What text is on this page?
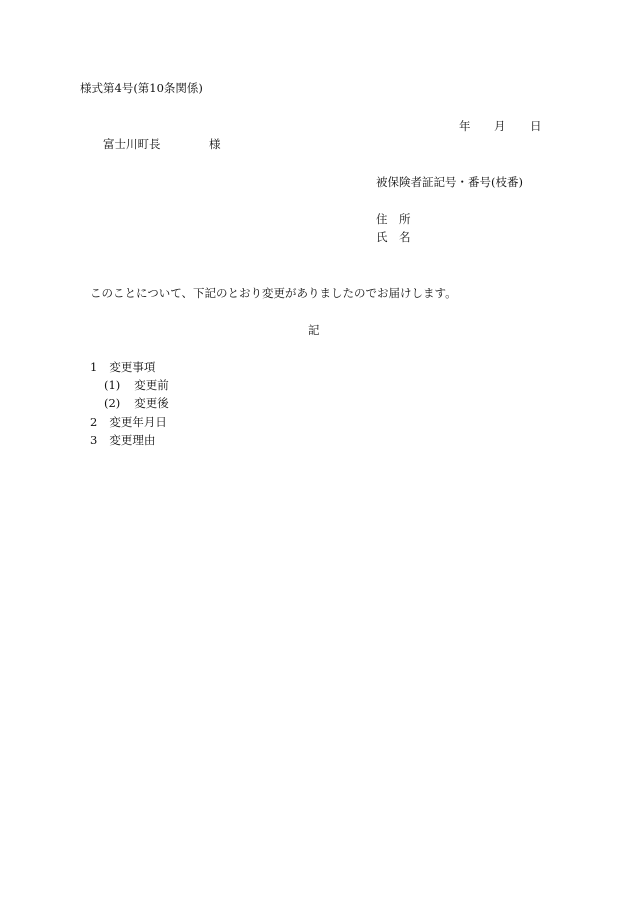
様式第4号(第10条関係)
年 月 日
富士川町長	様
被保険者証記号・番号(枝番)
住　所
氏　名
このことについて、下記のとおり変更がありましたのでお届けします。
記
1 変更事項
(1) 変更前
(2) 変更後
2 変更年月日
3 変更理由
